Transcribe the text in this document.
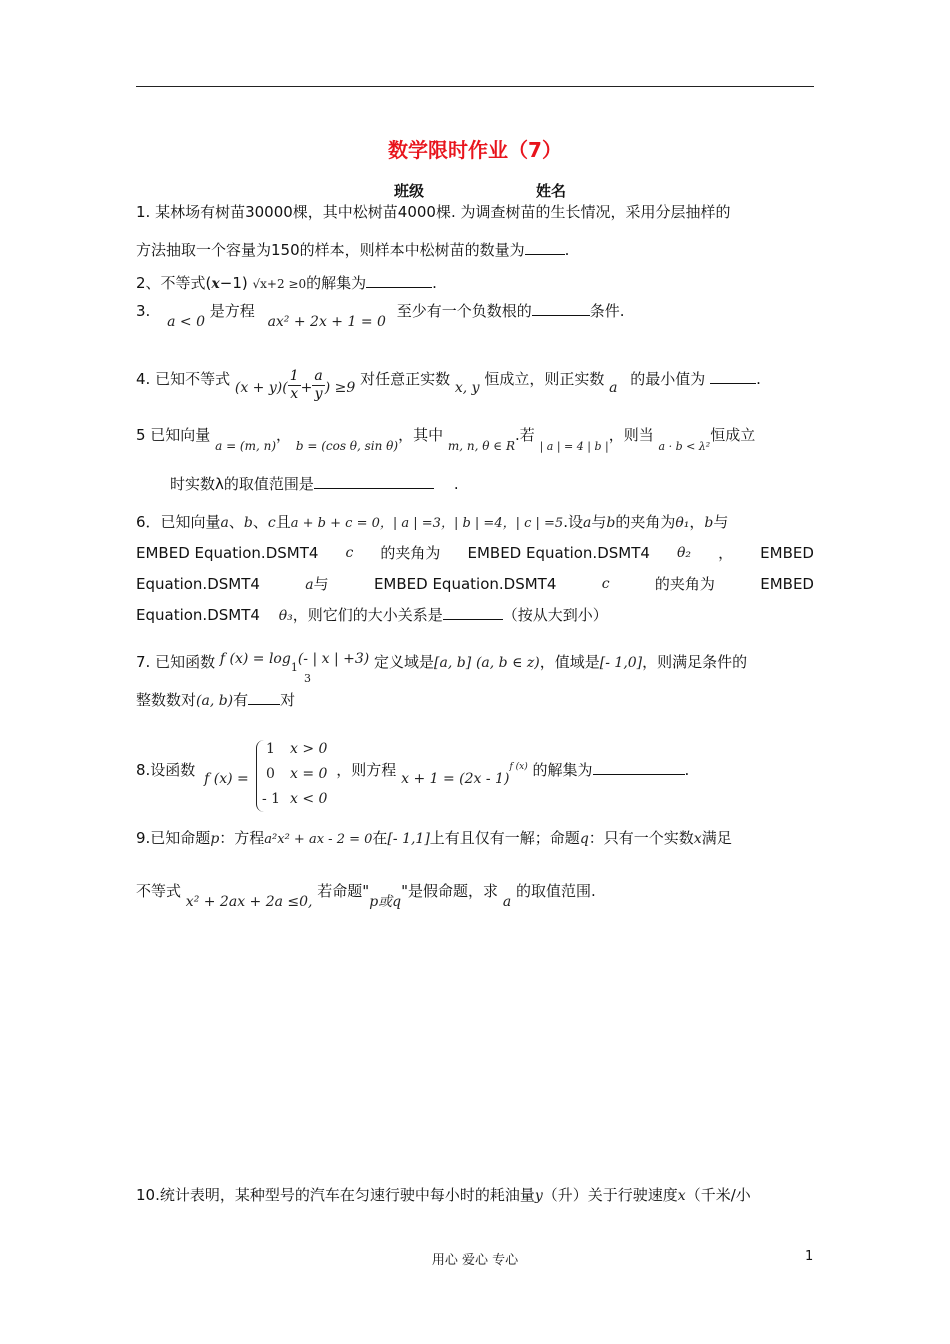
数学限时作业（7）
班级	姓名
1. 某林场有树苗30000棵，其中松树苗4000棵. 为调查树苗的生长情况，采用分层抽样的
方法抽取一个容量为150的样本，则样本中松树苗的数量为	.
2、不等式(x−1) √x+2 ≥0的解集为	.
3. a < 0 是方程 ax² + 2x + 1 = 0 至少有一个负数根的	条件.
4. 已知不等式 $(x + y)( \frac{1}{x} + \frac{a}{y}$ ) ≥9 对任意正实数 x, y 恒成立，则正实数 a 的最小值为	.
5 已知向量 $_{a = (m, n)}$， $_{b = (cos \theta, sin \theta)}$，其中 $_{m, n, \theta \in R}$.若 $_{| a | = 4 | b |}$，则当 $_{a \cdot b < \lambda^2}$恒成立
时实数λ的取值范围是	.
6．已知向量a、b、c且a + b + c = 0，| a | =3，| b | =4，| c | =5.设a与b的夹角为θ₁，b与
EMBED Equation.DSMT4 c 的夹角为 EMBED Equation.DSMT4 θ₂ ， EMBED
Equation.DSMT4	a与	EMBED Equation.DSMT4	c	的夹角为	EMBED
Equation.DSMT4 θ₃，则它们的大小关系是	（按从大到小）
7. 已知函数 f $(x) = \log_1(-$ | x | +3) 定义域是[a, b] (a, b ∈ z)，值域是[- 1,0]，则满足条件的
3
整数数对(a, b)有 对
8.设函数 f (x) =	，则方程 x + 1 = (2x - 1)$^{f (x)}$ 的解集为	.
1 x > 0
0 x = 0
- 1 x < 0
9.已知命题p：方程a²x² + ax - 2 = 0在[- 1,1]上有且仅有一解；命题q：只有一个实数x满足
不等式 x² + 2ax + 2a ≤0, 若命题"p或q"是假命题，求 a 的取值范围.
10.统计表明，某种型号的汽车在匀速行驶中每小时的耗油量y（升）关于行驶速度x（千米/小
用心 爱心 专心	1
